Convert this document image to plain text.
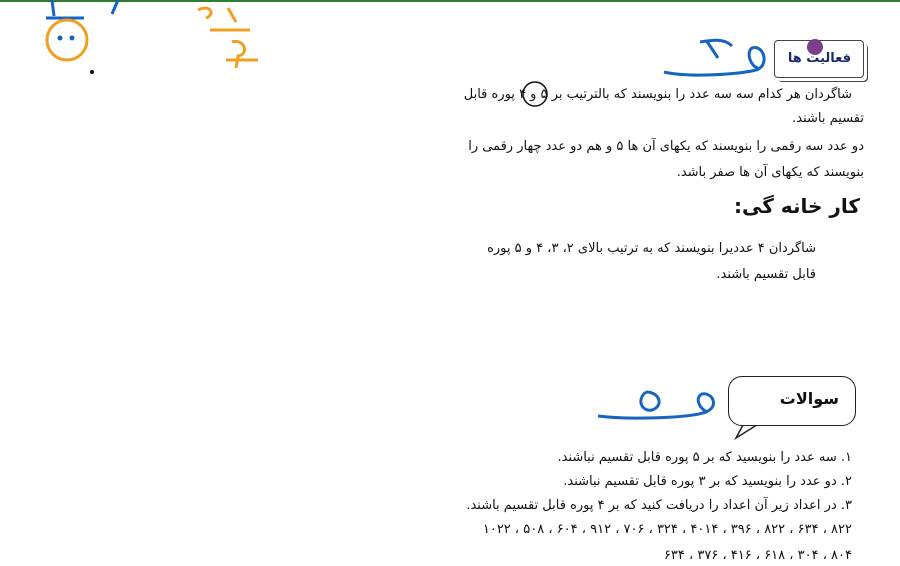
فعالیت ها
شاگردان هر کدام سه سه عدد را بنویسند که بالترتیب بر ۵ و ۴ پوره قابل
تقسیم باشند.
دو عدد سه رقمی را بنویسند که یکهای آن ها ۵ و هم دو عدد چهار رقمی را
بنویسند که یکهای آن ها صفر باشد.
کار خانه گی:
شاگردان ۴ عددیرا بنویسند که به ترتیب بالای ۲، ۳، ۴ و ۵ پوره
قابل تقسیم باشند.
سوالات
۱. سه عدد را بنویسید که بر ۵ پوره قابل تقسیم نباشند.
۲. دو عدد را بنویسید که بر ۳ پوره قابل تقسیم نباشند.
۳. در اعداد زیر آن اعداد را دریافت کنید که بر ۴ پوره قابل تقسیم باشند.
۸۲۲ ، ۶۳۴ ، ۸۲۲ ، ۳۹۶ ، ۴۰۱۴ ، ۳۲۴ ، ۷۰۶ ، ۹۱۲ ، ۶۰۴ ، ۵۰۸ ، ۱۰۲۲
۸۰۴ ، ۳۰۴ ، ۶۱۸ ، ۴۱۶ ، ۳۷۶ ، ۶۳۴
